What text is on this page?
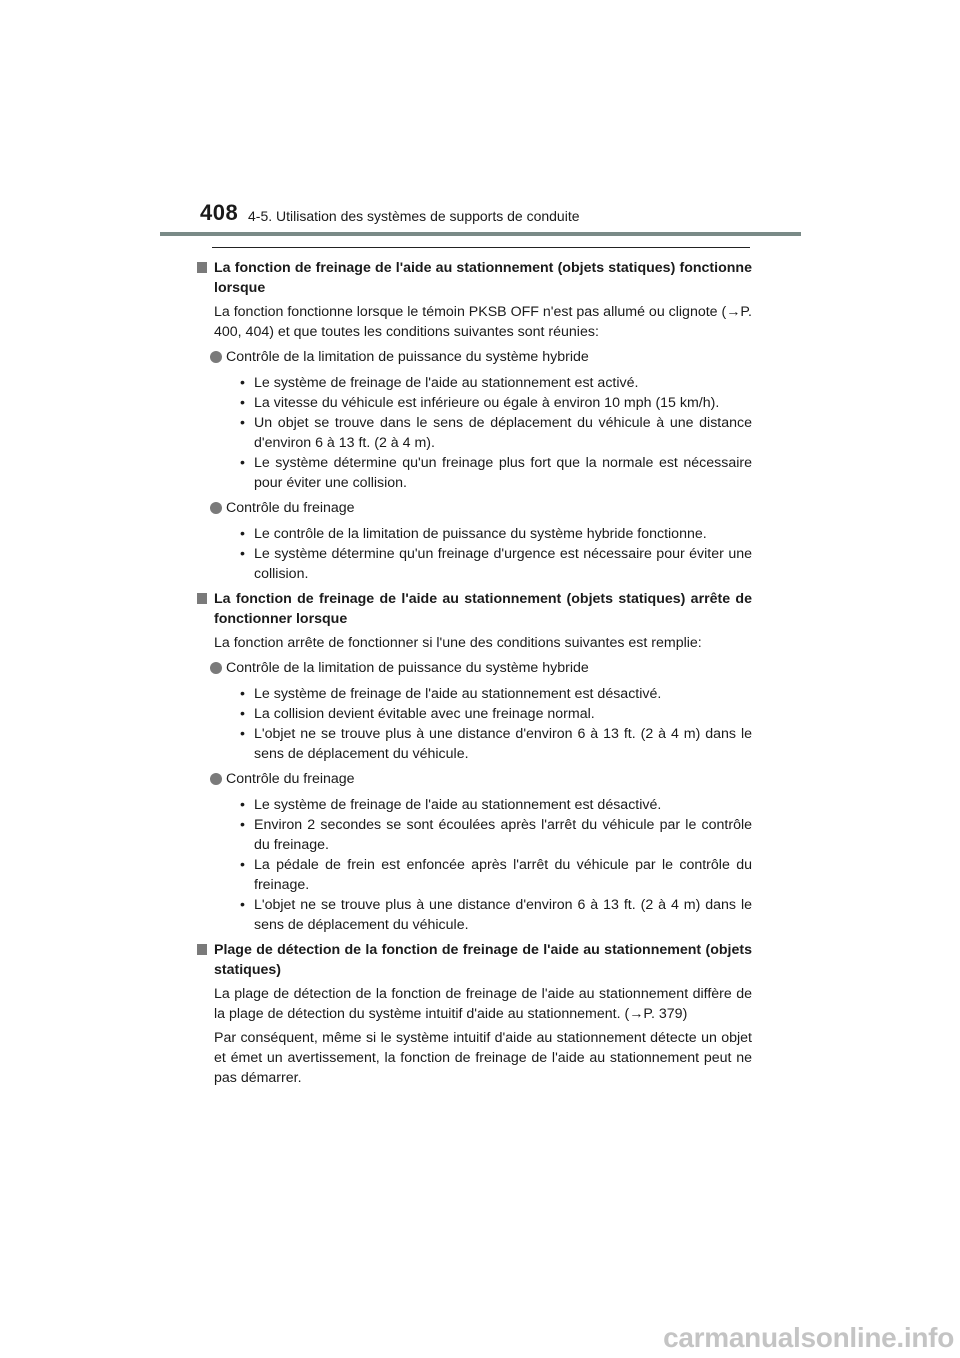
408 4-5. Utilisation des systèmes de supports de conduite
La fonction de freinage de l'aide au stationnement (objets statiques) fonctionne lorsque
La fonction fonctionne lorsque le témoin PKSB OFF n'est pas allumé ou clignote (→P. 400, 404) et que toutes les conditions suivantes sont réunies:
Contrôle de la limitation de puissance du système hybride
• Le système de freinage de l'aide au stationnement est activé.
• La vitesse du véhicule est inférieure ou égale à environ 10 mph (15 km/h).
• Un objet se trouve dans le sens de déplacement du véhicule à une distance d'environ 6 à 13 ft. (2 à 4 m).
• Le système détermine qu'un freinage plus fort que la normale est nécessaire pour éviter une collision.
Contrôle du freinage
• Le contrôle de la limitation de puissance du système hybride fonctionne.
• Le système détermine qu'un freinage d'urgence est nécessaire pour éviter une collision.
La fonction de freinage de l'aide au stationnement (objets statiques) arrête de fonctionner lorsque
La fonction arrête de fonctionner si l'une des conditions suivantes est remplie:
Contrôle de la limitation de puissance du système hybride
• Le système de freinage de l'aide au stationnement est désactivé.
• La collision devient évitable avec une freinage normal.
• L'objet ne se trouve plus à une distance d'environ 6 à 13 ft. (2 à 4 m) dans le sens de déplacement du véhicule.
Contrôle du freinage
• Le système de freinage de l'aide au stationnement est désactivé.
• Environ 2 secondes se sont écoulées après l'arrêt du véhicule par le contrôle du freinage.
• La pédale de frein est enfoncée après l'arrêt du véhicule par le contrôle du freinage.
• L'objet ne se trouve plus à une distance d'environ 6 à 13 ft. (2 à 4 m) dans le sens de déplacement du véhicule.
Plage de détection de la fonction de freinage de l'aide au stationnement (objets statiques)
La plage de détection de la fonction de freinage de l'aide au stationnement diffère de la plage de détection du système intuitif d'aide au stationnement. (→P. 379)
Par conséquent, même si le système intuitif d'aide au stationnement détecte un objet et émet un avertissement, la fonction de freinage de l'aide au stationnement peut ne pas démarrer.
carmanualsonline.info
